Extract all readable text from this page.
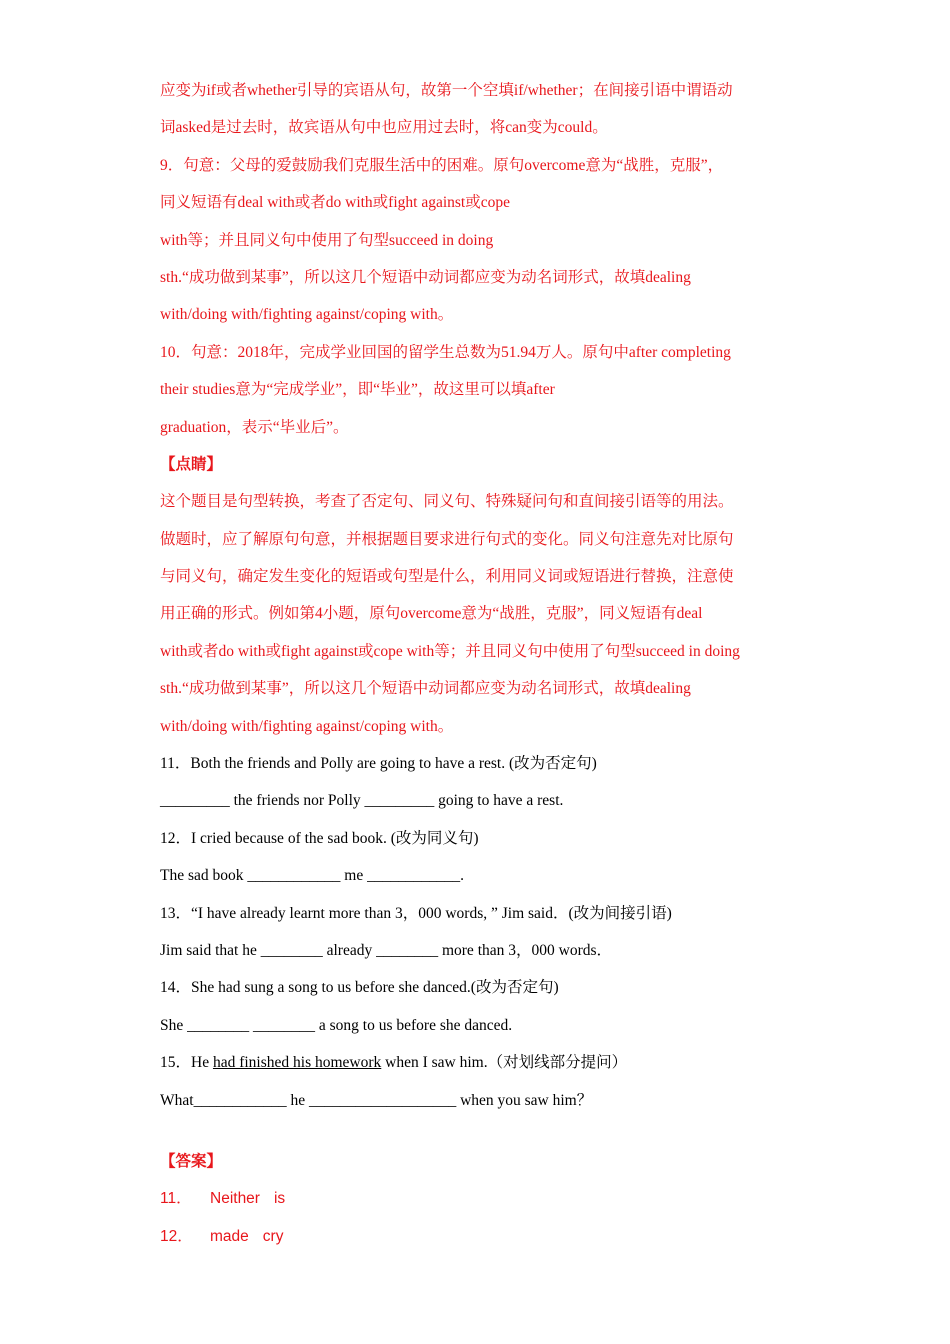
应变为if或者whether引导的宾语从句，故第一个空填if/whether；在间接引语中谓语动
词asked是过去时，故宾语从句中也应用过去时，将can变为could。
9．句意：父母的爱鼓励我们克服生活中的困难。原句overcome意为“战胜，克服”，
同义短语有deal with或者do with或fight against或cope
with等；并且同义句中使用了句型succeed in doing
sth.“成功做到某事”，所以这几个短语中动词都应变为动名词形式，故填dealing
with/doing with/fighting against/coping with。
10．句意：2018年，完成学业回国的留学生总数为51.94万人。原句中after completing
their studies意为“完成学业”，即“毕业”，故这里可以填after
graduation，表示“毕业后”。
【点睛】
这个题目是句型转换，考查了否定句、同义句、特殊疑问句和直间接引语等的用法。
做题时，应了解原句句意，并根据题目要求进行句式的变化。同义句注意先对比原句
与同义句，确定发生变化的短语或句型是什么，利用同义词或短语进行替换，注意使
用正确的形式。例如第4小题，原句overcome意为“战胜，克服”，同义短语有deal
with或者do with或fight against或cope with等；并且同义句中使用了句型succeed in doing
sth.“成功做到某事”，所以这几个短语中动词都应变为动名词形式，故填dealing
with/doing with/fighting against/coping with。
11．Both the friends and Polly are going to have a rest. (改为否定句)
_________ the friends nor Polly _________ going to have a rest.
12．I cried because of the sad book. (改为同义句)
The sad book ____________ me ____________.
13．“I have already learnt more than 3，000 words, ” Jim said．(改为间接引语)
Jim said that he ________ already ________ more than 3，000 words．
14．She had sung a song to us before she danced.(改为否定句)
She ________ ________ a song to us before she danced.
15．He had finished his homework when I saw him.（对划线部分提问）
What____________ he ___________________ when you saw him？
【答案】
11． Neither is
12． made cry
